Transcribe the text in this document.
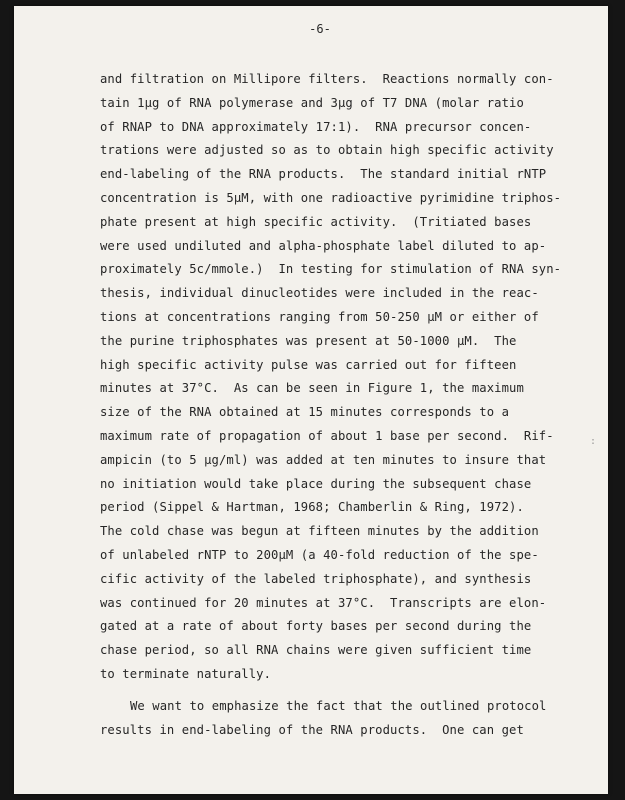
-6-
and filtration on Millipore filters.  Reactions normally con-
tain 1μg of RNA polymerase and 3μg of T7 DNA (molar ratio
of RNAP to DNA approximately 17:1).  RNA precursor concen-
trations were adjusted so as to obtain high specific activity
end-labeling of the RNA products.  The standard initial rNTP
concentration is 5μM, with one radioactive pyrimidine triphos-
phate present at high specific activity.  (Tritiated bases
were used undiluted and alpha-phosphate label diluted to ap-
proximately 5c/mmole.)  In testing for stimulation of RNA syn-
thesis, individual dinucleotides were included in the reac-
tions at concentrations ranging from 50-250 μM or either of
the purine triphosphates was present at 50-1000 μM.  The
high specific activity pulse was carried out for fifteen
minutes at 37°C.  As can be seen in Figure 1, the maximum
size of the RNA obtained at 15 minutes corresponds to a
maximum rate of propagation of about 1 base per second.  Rif-
ampicin (to 5 μg/ml) was added at ten minutes to insure that
no initiation would take place during the subsequent chase
period (Sippel & Hartman, 1968; Chamberlin & Ring, 1972).
The cold chase was begun at fifteen minutes by the addition
of unlabeled rNTP to 200μM (a 40-fold reduction of the spe-
cific activity of the labeled triphosphate), and synthesis
was continued for 20 minutes at 37°C.  Transcripts are elon-
gated at a rate of about forty bases per second during the
chase period, so all RNA chains were given sufficient time
to terminate naturally.
We want to emphasize the fact that the outlined protocol
results in end-labeling of the RNA products.  One can get
:
